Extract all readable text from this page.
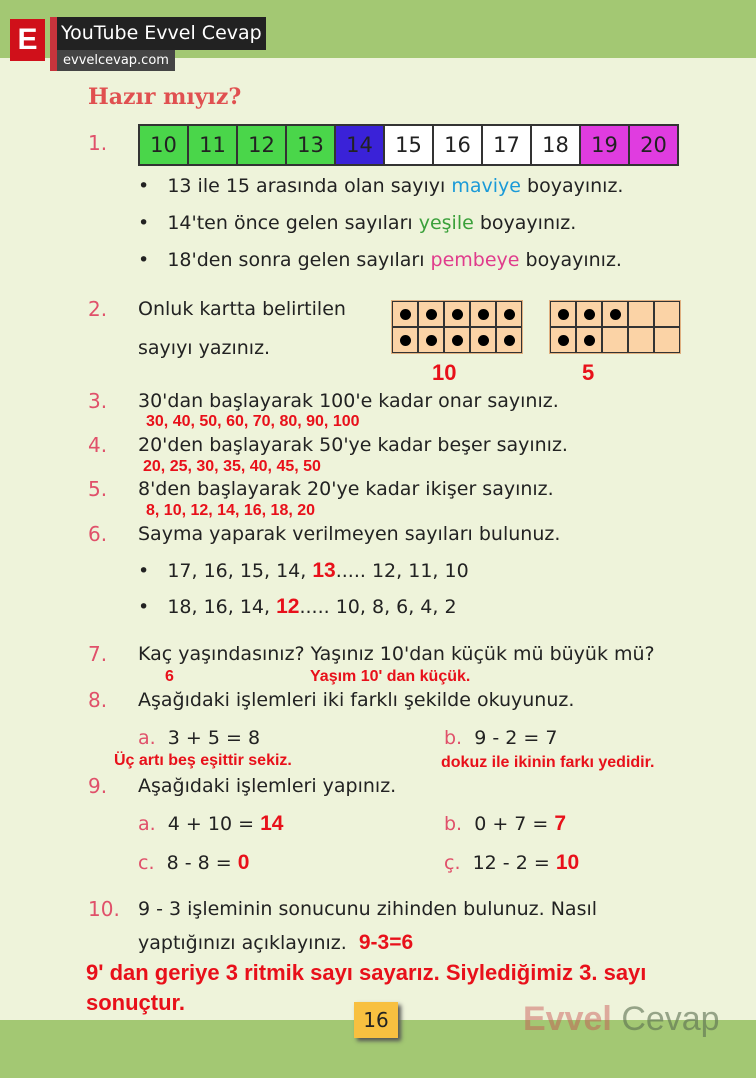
E	YouTube Evvel Cevap
evvelcevap.com
Hazır mıyız?
1.	10	11	12	13	14	15	16	17	18	19	20
•   13 ile 15 arasında olan sayıyı maviye boyayınız.
•   14'ten önce gelen sayıları yeşile boyayınız.
•   18'den sonra gelen sayıları pembeye boyayınız.
2. Onluk kartta belirtilen
sayıyı yazınız.
10	5
3. 30'dan başlayarak 100'e kadar onar sayınız.
30, 40, 50, 60, 70, 80, 90, 100
4. 20'den başlayarak 50'ye kadar beşer sayınız.
20, 25, 30, 35, 40, 45, 50
5. 8'den başlayarak 20'ye kadar ikişer sayınız.
8, 10, 12, 14, 16, 18, 20
6. Sayma yaparak verilmeyen sayıları bulunuz.
•   17, 16, 15, 14, 13..... 12, 11, 10
•   18, 16, 14, 12..... 10, 8, 6, 4, 2
7. Kaç yaşındasınız? Yaşınız 10'dan küçük mü büyük mü?
6	Yaşım 10' dan küçük.
8. Aşağıdaki işlemleri iki farklı şekilde okuyunuz.
a. 3 + 5 = 8	b. 9 - 2 = 7
Üç artı beş eşittir sekiz.	dokuz ile ikinin farkı yedidir.
9. Aşağıdaki işlemleri yapınız.
a. 4 + 10 = 14	b. 0 + 7 = 7
c. 8 - 8 = 0	ç. 12 - 2 = 10
10. 9 - 3 işleminin sonucunu zihinden bulunuz. Nasıl
yaptığınızı açıklayınız. 9-3=6
9' dan geriye 3 ritmik sayı sayarız. Siylediğimiz 3. sayı
sonuçtur.
16	Evvel Cevap
